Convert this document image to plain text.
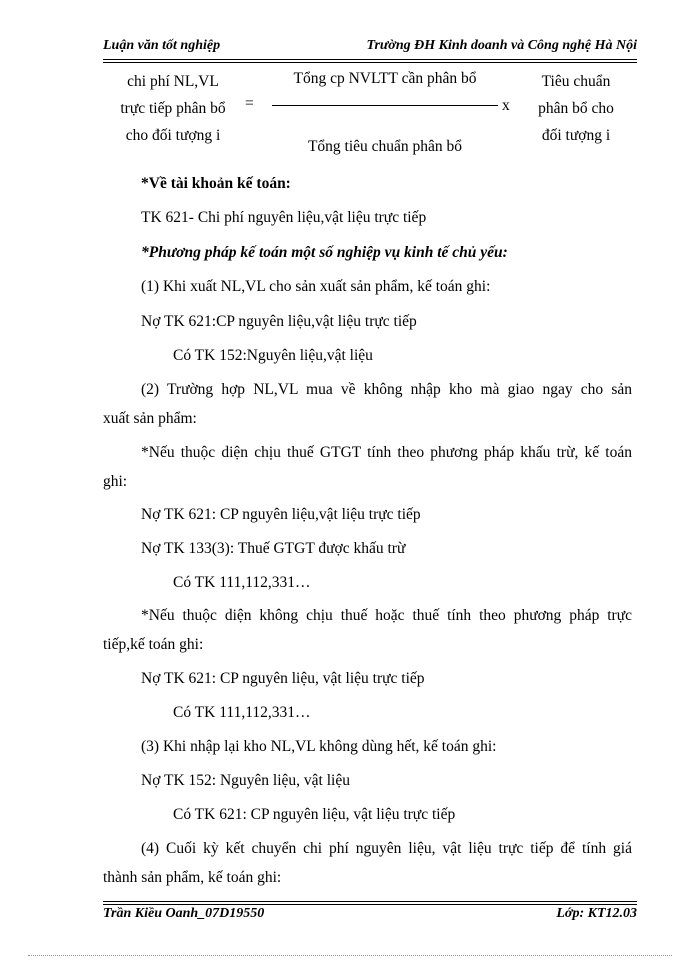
Luận văn tốt nghiệp	Trường ĐH Kinh doanh và Công nghệ Hà Nội
chi phí NL,VL
trực tiếp phân bổ
cho đối tượng i
=
Tổng cp NVLTT cần phân bổ
Tổng tiêu chuẩn phân bổ
x
Tiêu chuẩn
phân bổ cho
đối tượng i
*Về tài khoản kế toán:
TK 621- Chi phí nguyên liệu,vật liệu trực tiếp
*Phương pháp kế toán một số nghiệp vụ kinh tế chủ yếu:
(1) Khi xuất NL,VL cho sản xuất sản phẩm, kế toán ghi:
Nợ TK 621:CP nguyên liệu,vật liệu trực tiếp
Có TK 152:Nguyên liệu,vật liệu
(2) Trường hợp NL,VL mua về không nhập kho mà giao ngay cho sản
xuất sản phẩm:
*Nếu thuộc diện chịu thuế GTGT tính theo phương pháp khấu trừ, kế toán
ghi:
Nợ TK 621: CP nguyên liệu,vật liệu trực tiếp
Nợ TK 133(3): Thuế GTGT được khấu trừ
Có TK 111,112,331…
*Nếu thuộc diện không chịu thuế hoặc thuế tính theo phương pháp trực
tiếp,kế toán ghi:
Nợ TK 621: CP nguyên liệu, vật liệu trực tiếp
Có TK 111,112,331…
(3) Khi nhập lại kho NL,VL không dùng hết, kế toán ghi:
Nợ TK 152: Nguyên liệu, vật liệu
Có TK 621: CP nguyên liệu, vật liệu trực tiếp
(4) Cuối kỳ kết chuyển chi phí nguyên liệu, vật liệu trực tiếp để tính giá
thành sản phẩm, kế toán ghi:
Trần Kiều Oanh_07D19550	Lớp: KT12.03
